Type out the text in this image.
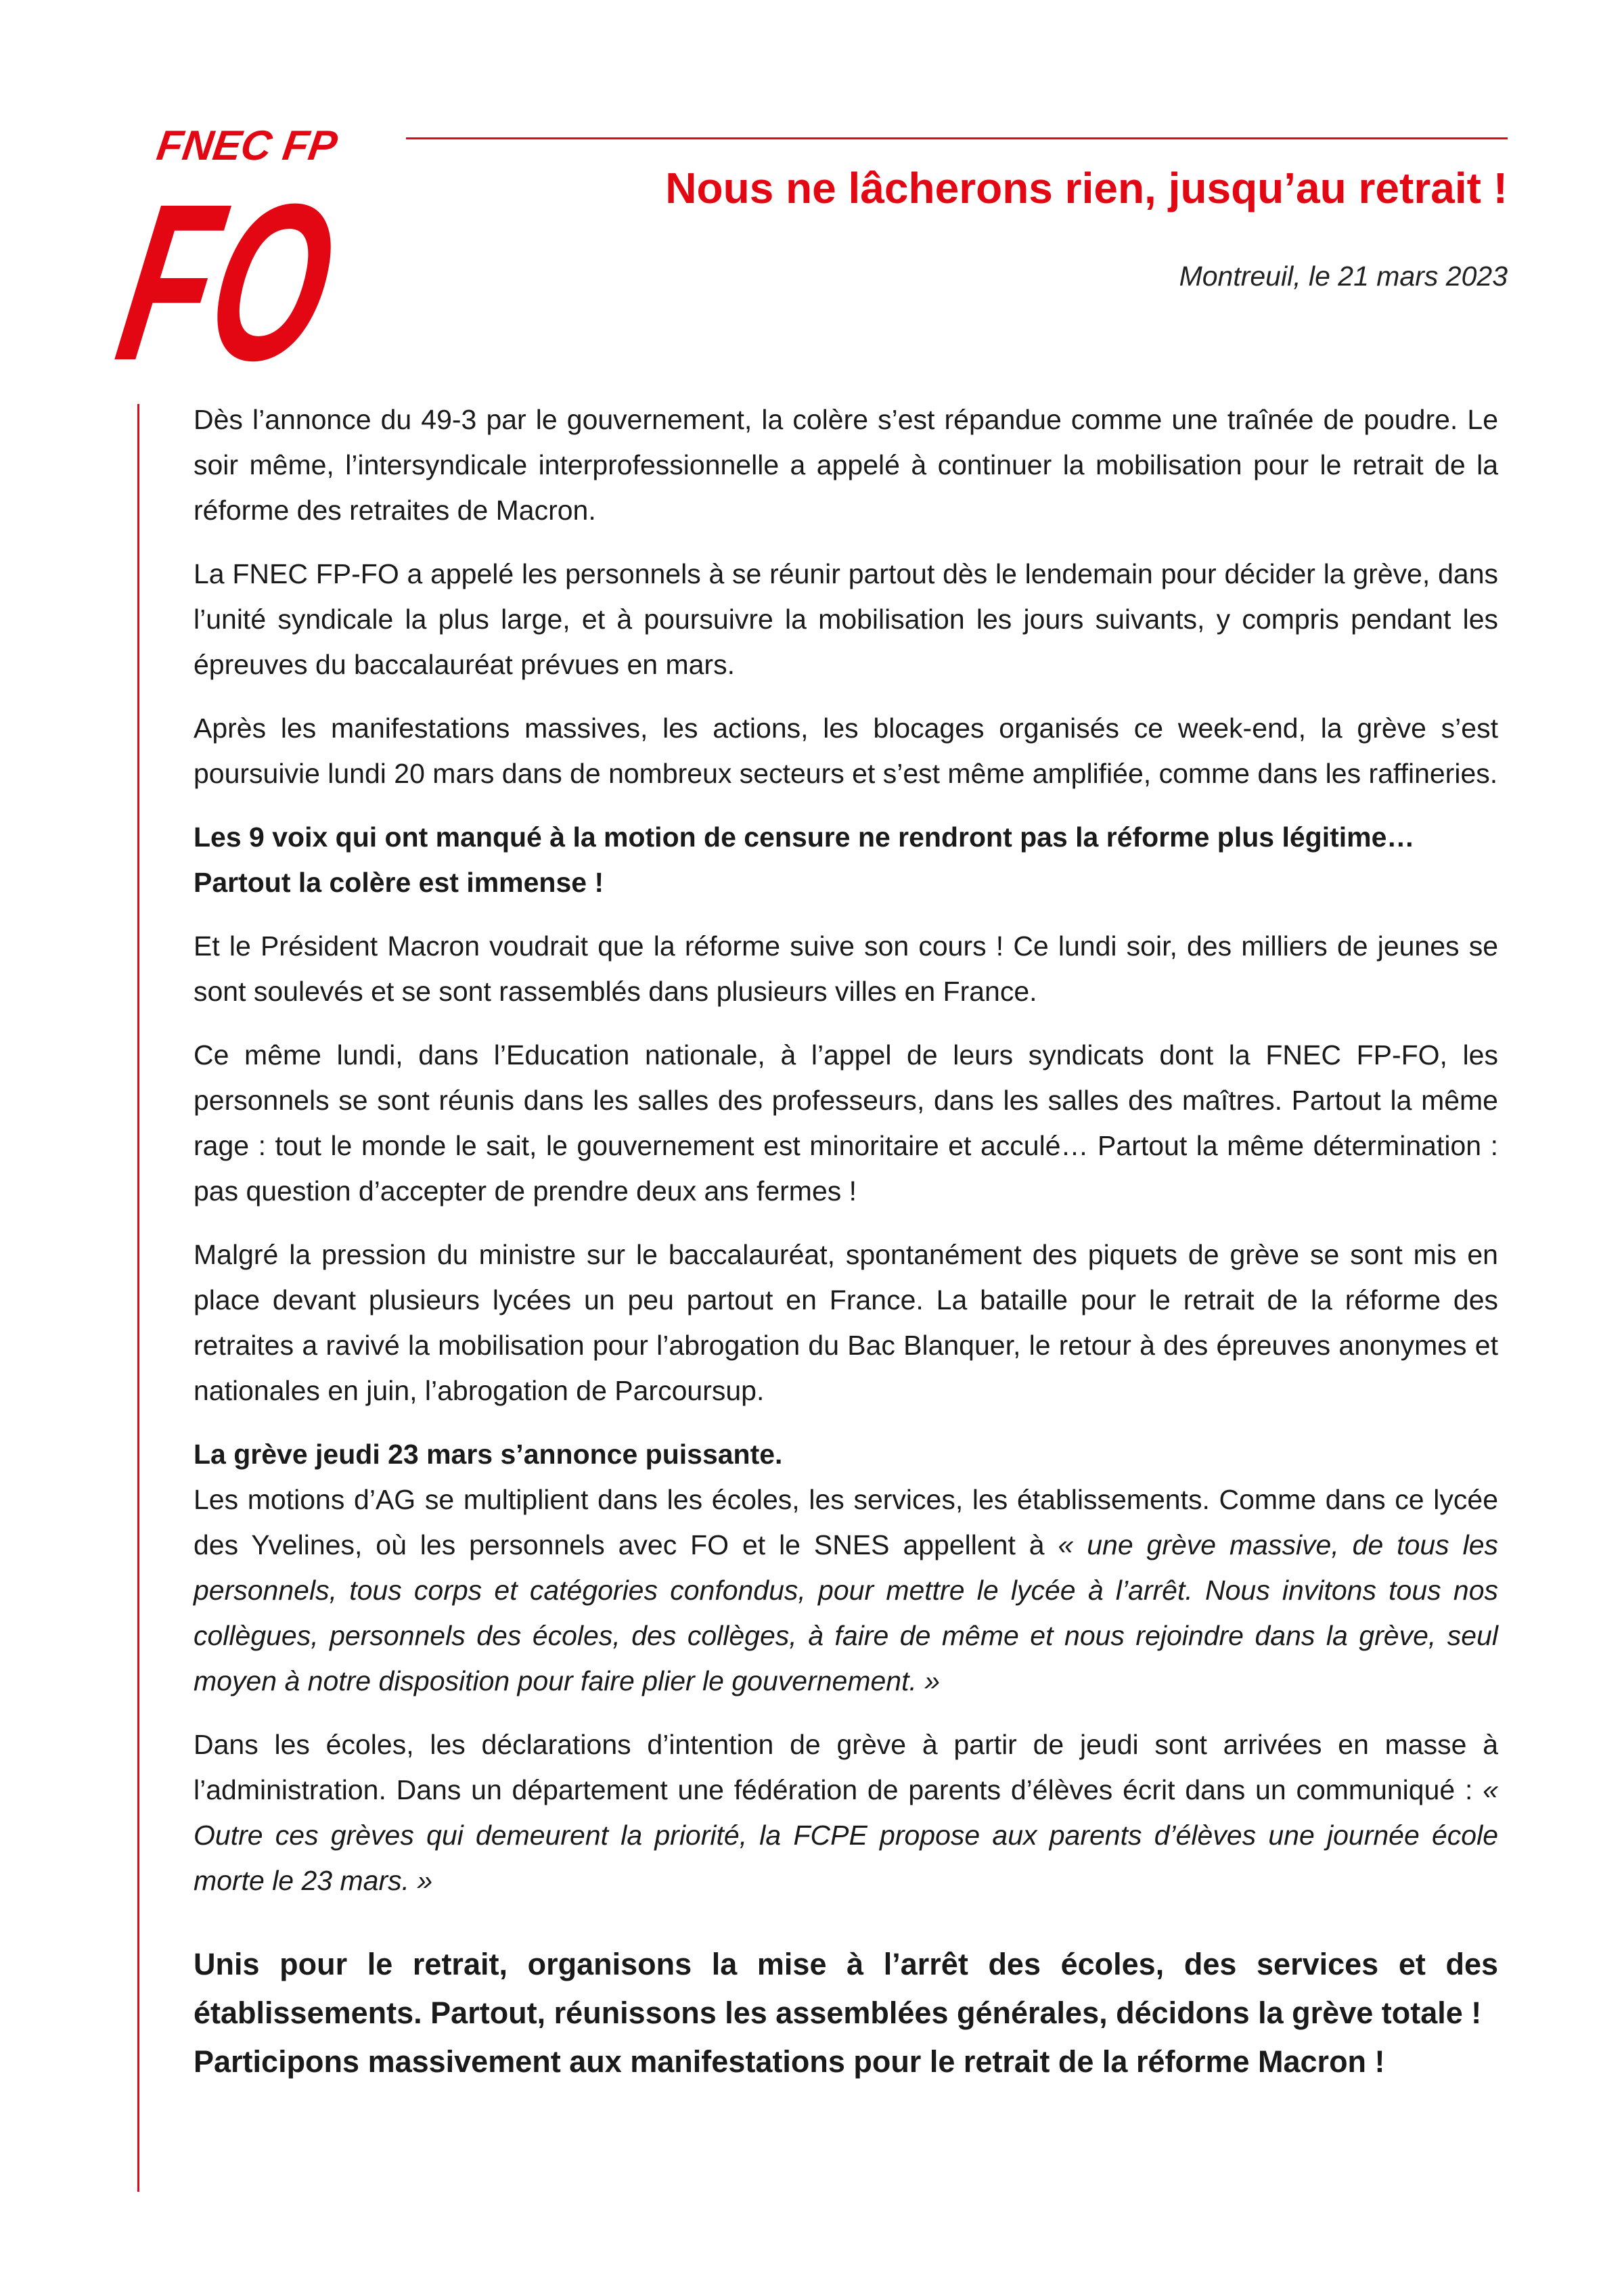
FNEC FP
FO	Nous ne lâcherons rien, jusqu’au retrait !
Montreuil, le 21 mars 2023

Dès l’annonce du 49-3 par le gouvernement, la colère s’est répandue comme une traînée de poudre. Le soir même, l’intersyndicale interprofessionnelle a appelé à continuer la mobilisation pour le retrait de la réforme des retraites de Macron.

La FNEC FP-FO a appelé les personnels à se réunir partout dès le lendemain pour décider la grève, dans l’unité syndicale la plus large, et à poursuivre la mobilisation les jours suivants, y compris pendant les épreuves du baccalauréat prévues en mars.

Après les manifestations massives, les actions, les blocages organisés ce week-end, la grève s’est poursuivie lundi 20 mars dans de nombreux secteurs et s’est même amplifiée, comme dans les raffineries.

Les 9 voix qui ont manqué à la motion de censure ne rendront pas la réforme plus légitime…
Partout la colère est immense !

Et le Président Macron voudrait que la réforme suive son cours ! Ce lundi soir, des milliers de jeunes se sont soulevés et se sont rassemblés dans plusieurs villes en France.

Ce même lundi, dans l’Education nationale, à l’appel de leurs syndicats dont la FNEC FP-FO, les personnels se sont réunis dans les salles des professeurs, dans les salles des maîtres. Partout la même rage : tout le monde le sait, le gouvernement est minoritaire et acculé… Partout la même détermination : pas question d’accepter de prendre deux ans fermes !

Malgré la pression du ministre sur le baccalauréat, spontanément des piquets de grève se sont mis en place devant plusieurs lycées un peu partout en France. La bataille pour le retrait de la réforme des retraites a ravivé la mobilisation pour l’abrogation du Bac Blanquer, le retour à des épreuves anonymes et nationales en juin, l’abrogation de Parcoursup.

La grève jeudi 23 mars s’annonce puissante.
Les motions d’AG se multiplient dans les écoles, les services, les établissements. Comme dans ce lycée des Yvelines, où les personnels avec FO et le SNES appellent à « une grève massive, de tous les personnels, tous corps et catégories confondus, pour mettre le lycée à l’arrêt. Nous invitons tous nos collègues, personnels des écoles, des collèges, à faire de même et nous rejoindre dans la grève, seul moyen à notre disposition pour faire plier le gouvernement. »

Dans les écoles, les déclarations d’intention de grève à partir de jeudi sont arrivées en masse à l’administration. Dans un département une fédération de parents d’élèves écrit dans un communiqué : « Outre ces grèves qui demeurent la priorité, la FCPE propose aux parents d’élèves une journée école morte le 23 mars. »

Unis pour le retrait, organisons la mise à l’arrêt des écoles, des services et des établissements. Partout, réunissons les assemblées générales, décidons la grève totale !
Participons massivement aux manifestations pour le retrait de la réforme Macron !
